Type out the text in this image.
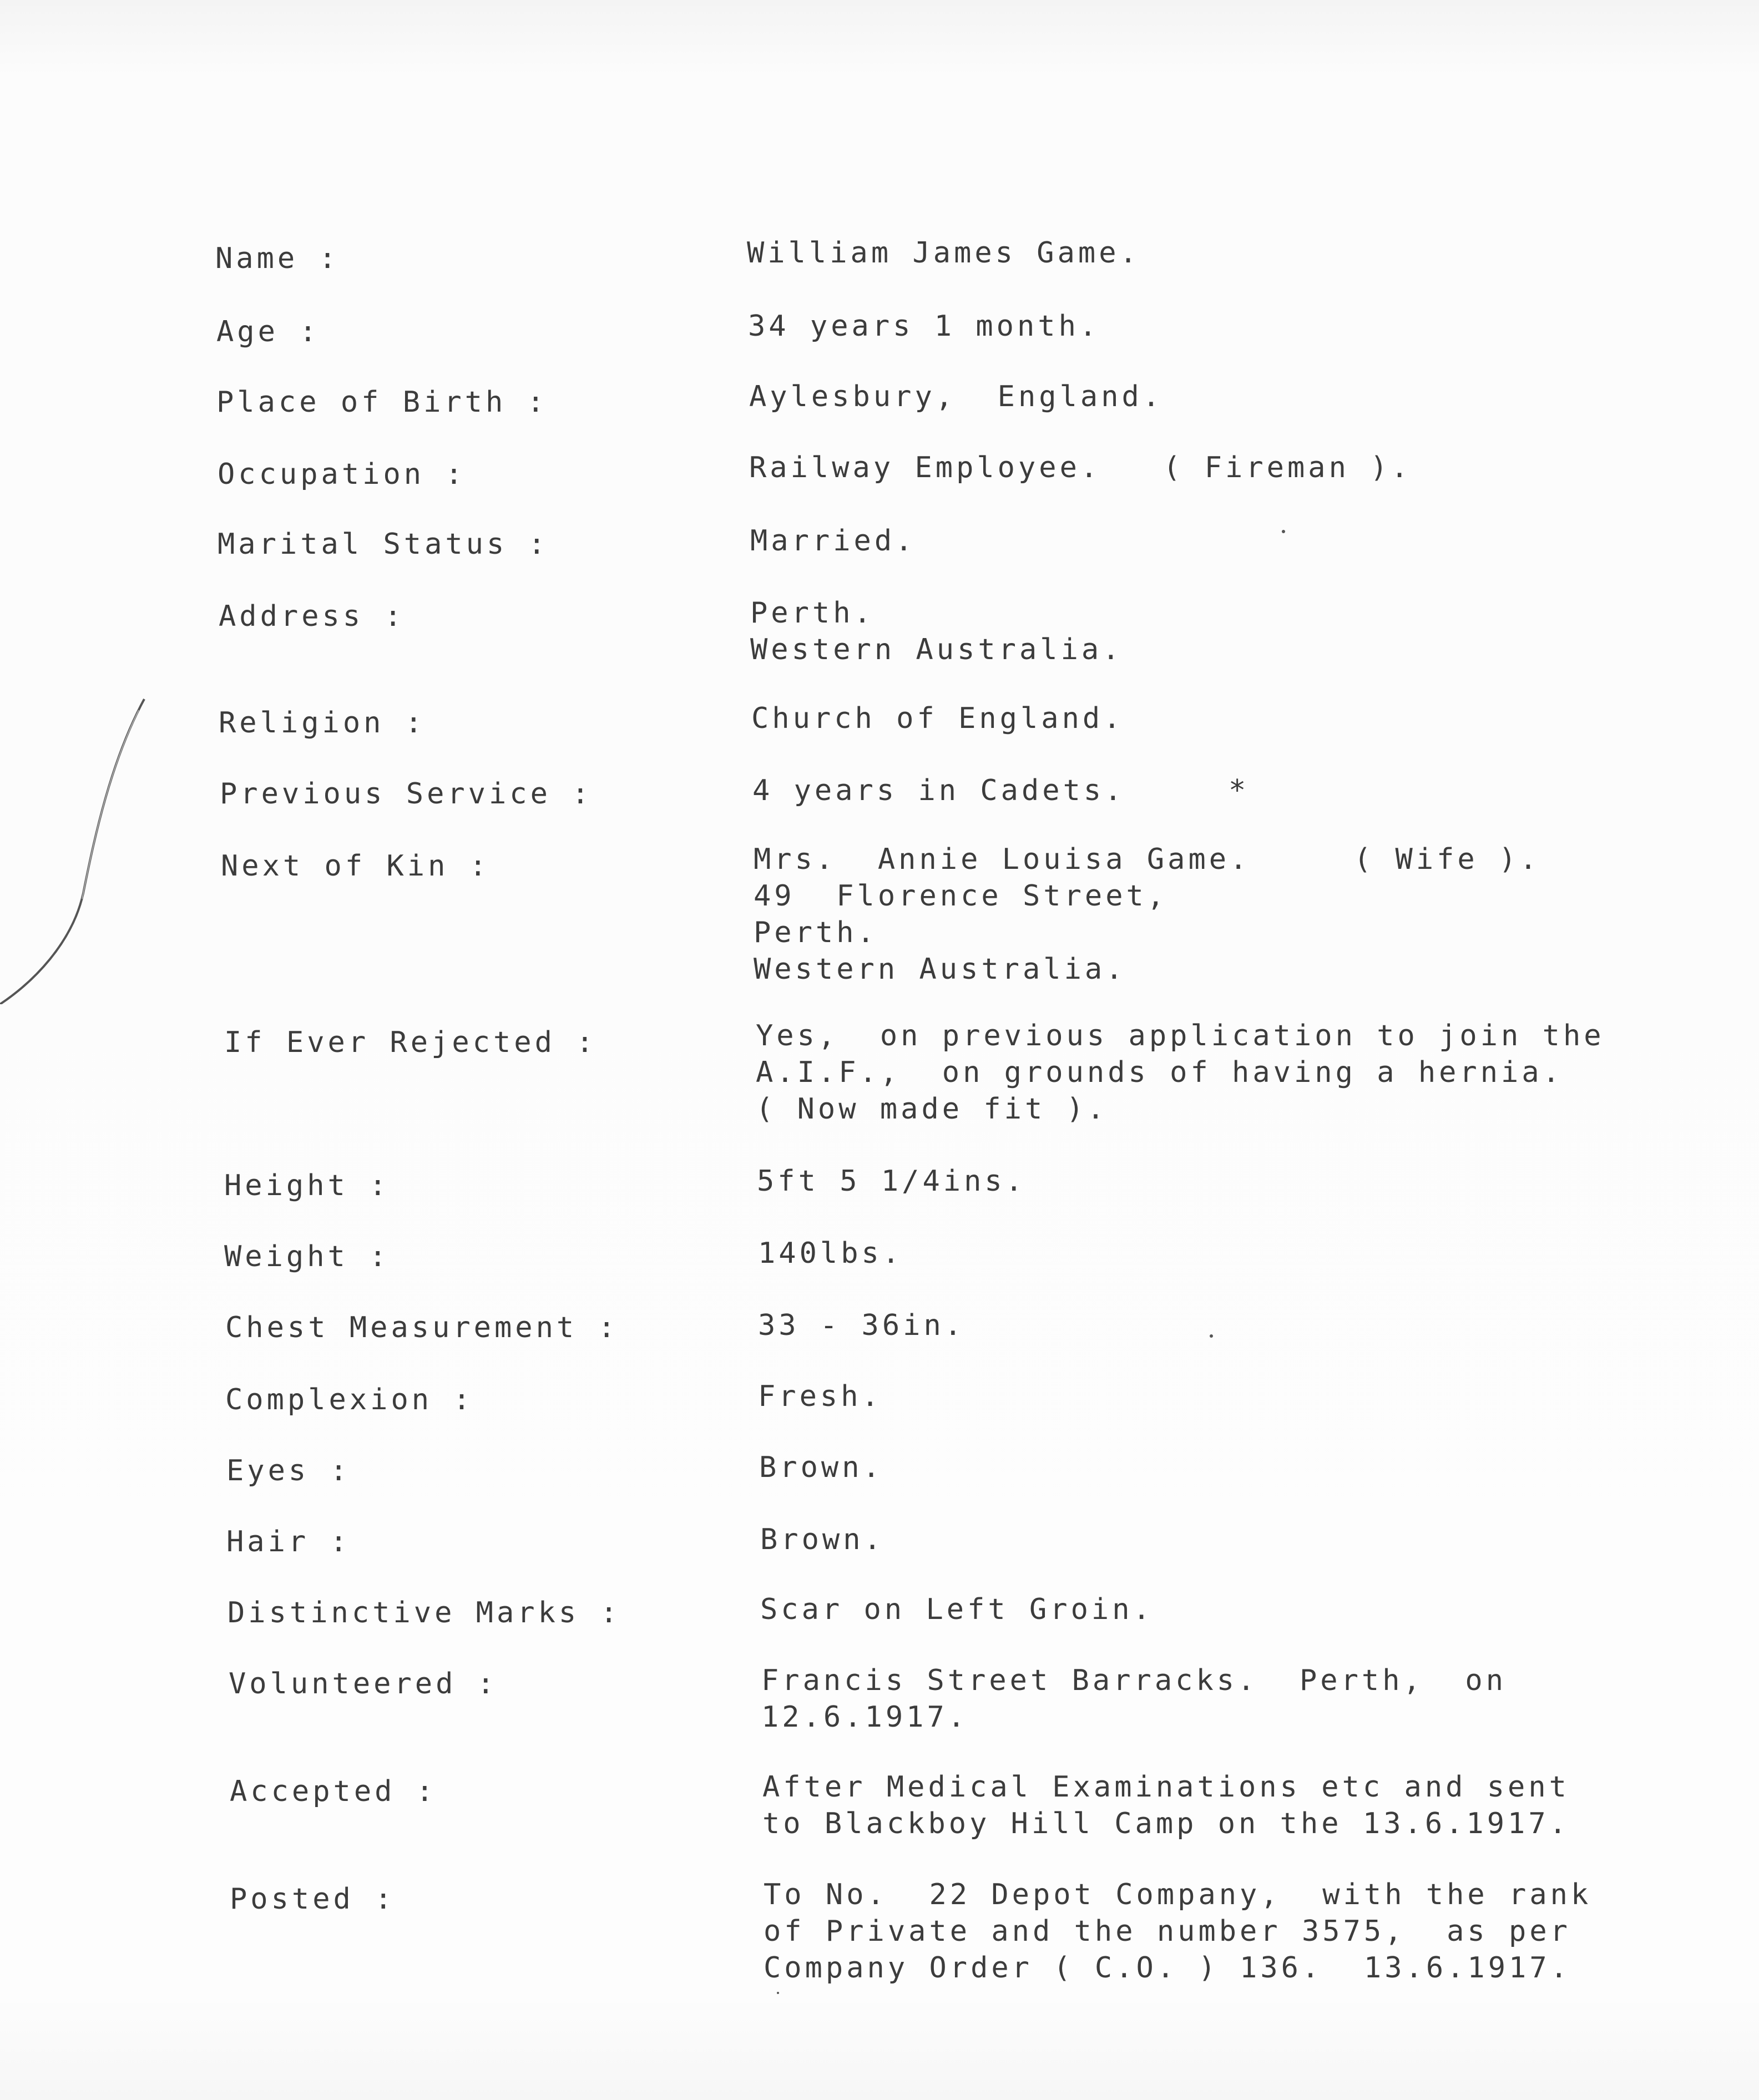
Name :	William James Game.
Age :	34 years 1 month.
Place of Birth :	Aylesbury,  England.
Occupation :	Railway Employee.   ( Fireman ).
Marital Status :	Married.
Address :	Perth.
Western Australia.
Religion :	Church of England.
Previous Service :	4 years in Cadets.     *
Next of Kin :	Mrs.  Annie Louisa Game.     ( Wife ).
49  Florence Street,
Perth.
Western Australia.
If Ever Rejected :	Yes,  on previous application to join the
A.I.F.,  on grounds of having a hernia.
( Now made fit ).
Height :	5ft 5 1/4ins.
Weight :	140lbs.
Chest Measurement :	33 - 36in.
Complexion :	Fresh.
Eyes :	Brown.
Hair :	Brown.
Distinctive Marks :	Scar on Left Groin.
Volunteered :	Francis Street Barracks.  Perth,  on
12.6.1917.
Accepted :	After Medical Examinations etc and sent
to Blackboy Hill Camp on the 13.6.1917.
Posted :	To No.  22 Depot Company,  with the rank
of Private and the number 3575,  as per
Company Order ( C.O. ) 136.  13.6.1917.
